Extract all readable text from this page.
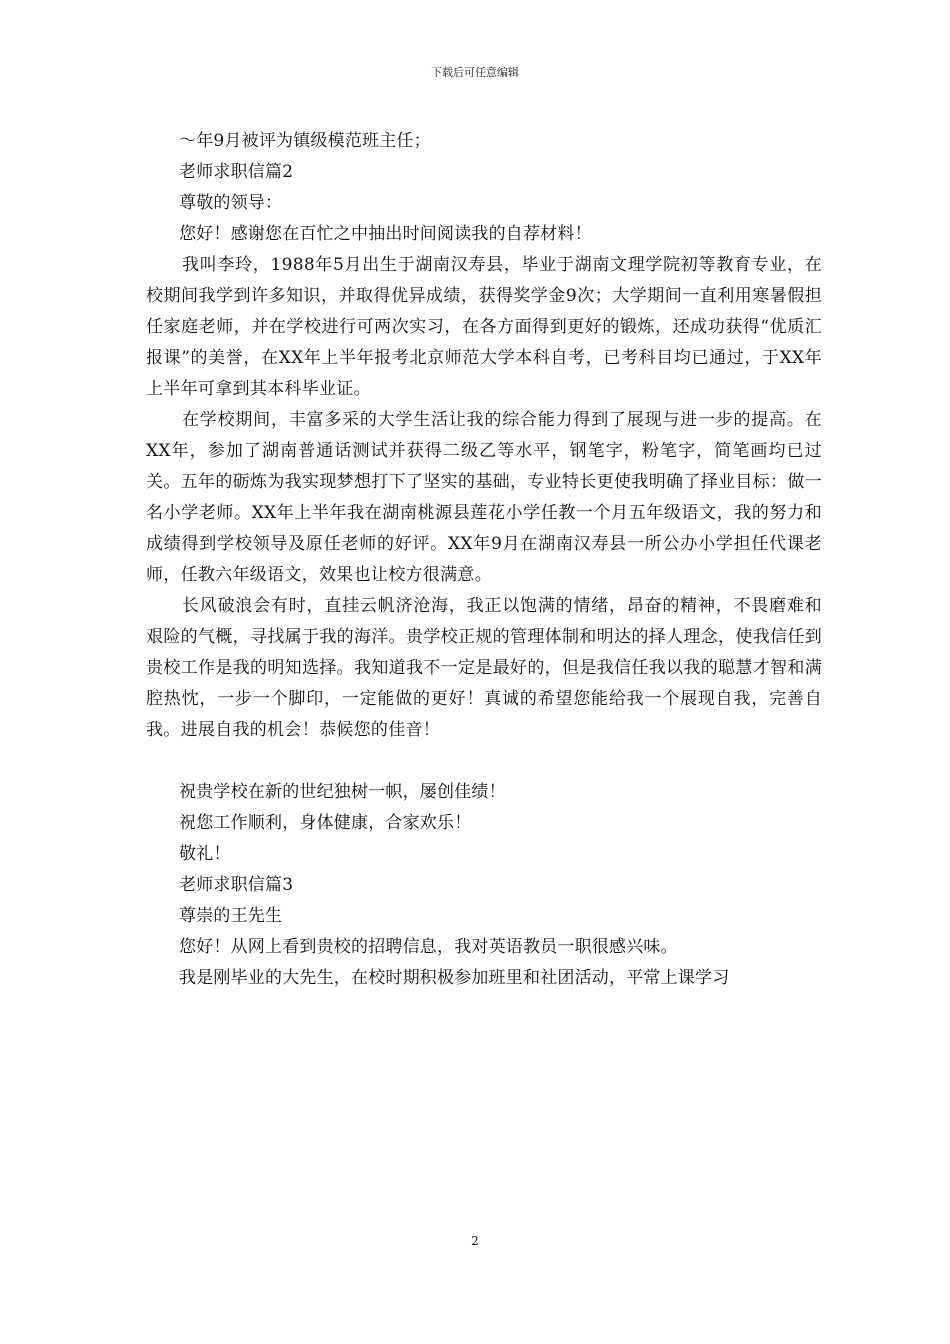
下载后可任意编辑
～年9月被评为镇级模范班主任；
老师求职信篇2
尊敬的领导：
您好！感谢您在百忙之中抽出时间阅读我的自荐材料！

我叫李玲，1988年5月出生于湖南汉寿县，毕业于湖南文理学院初等教育专业，在校期间我学到许多知识，并取得优异成绩，获得奖学金9次；大学期间一直利用寒暑假担任家庭老师，并在学校进行可两次实习，在各方面得到更好的锻炼，还成功获得“优质汇报课”的美誉，在XX年上半年报考北京师范大学本科自考，已考科目均已通过，于XX年上半年可拿到其本科毕业证。

在学校期间，丰富多采的大学生活让我的综合能力得到了展现与进一步的提高。在XX年，参加了湖南普通话测试并获得二级乙等水平，钢笔字，粉笔字，简笔画均已过关。五年的砺炼为我实现梦想打下了坚实的基础，专业特长更使我明确了择业目标：做一名小学老师。XX年上半年我在湖南桃源县莲花小学任教一个月五年级语文，我的努力和成绩得到学校领导及原任老师的好评。XX年9月在湖南汉寿县一所公办小学担任代课老师，任教六年级语文，效果也让校方很满意。

长风破浪会有时，直挂云帆济沧海，我正以饱满的情绪，昂奋的精神，不畏磨难和艰险的气概，寻找属于我的海洋。贵学校正规的管理体制和明达的择人理念，使我信任到贵校工作是我的明知选择。我知道我不一定是最好的，但是我信任我以我的聪慧才智和满腔热忱，一步一个脚印，一定能做的更好！真诚的希望您能给我一个展现自我，完善自我。进展自我的机会！恭候您的佳音！

祝贵学校在新的世纪独树一帜，屡创佳绩！
祝您工作顺利，身体健康，合家欢乐！
敬礼！
老师求职信篇3
尊崇的王先生
您好！从网上看到贵校的招聘信息，我对英语教员一职很感兴味。
我是刚毕业的大先生，在校时期积极参加班里和社团活动，平常上课学习
2
